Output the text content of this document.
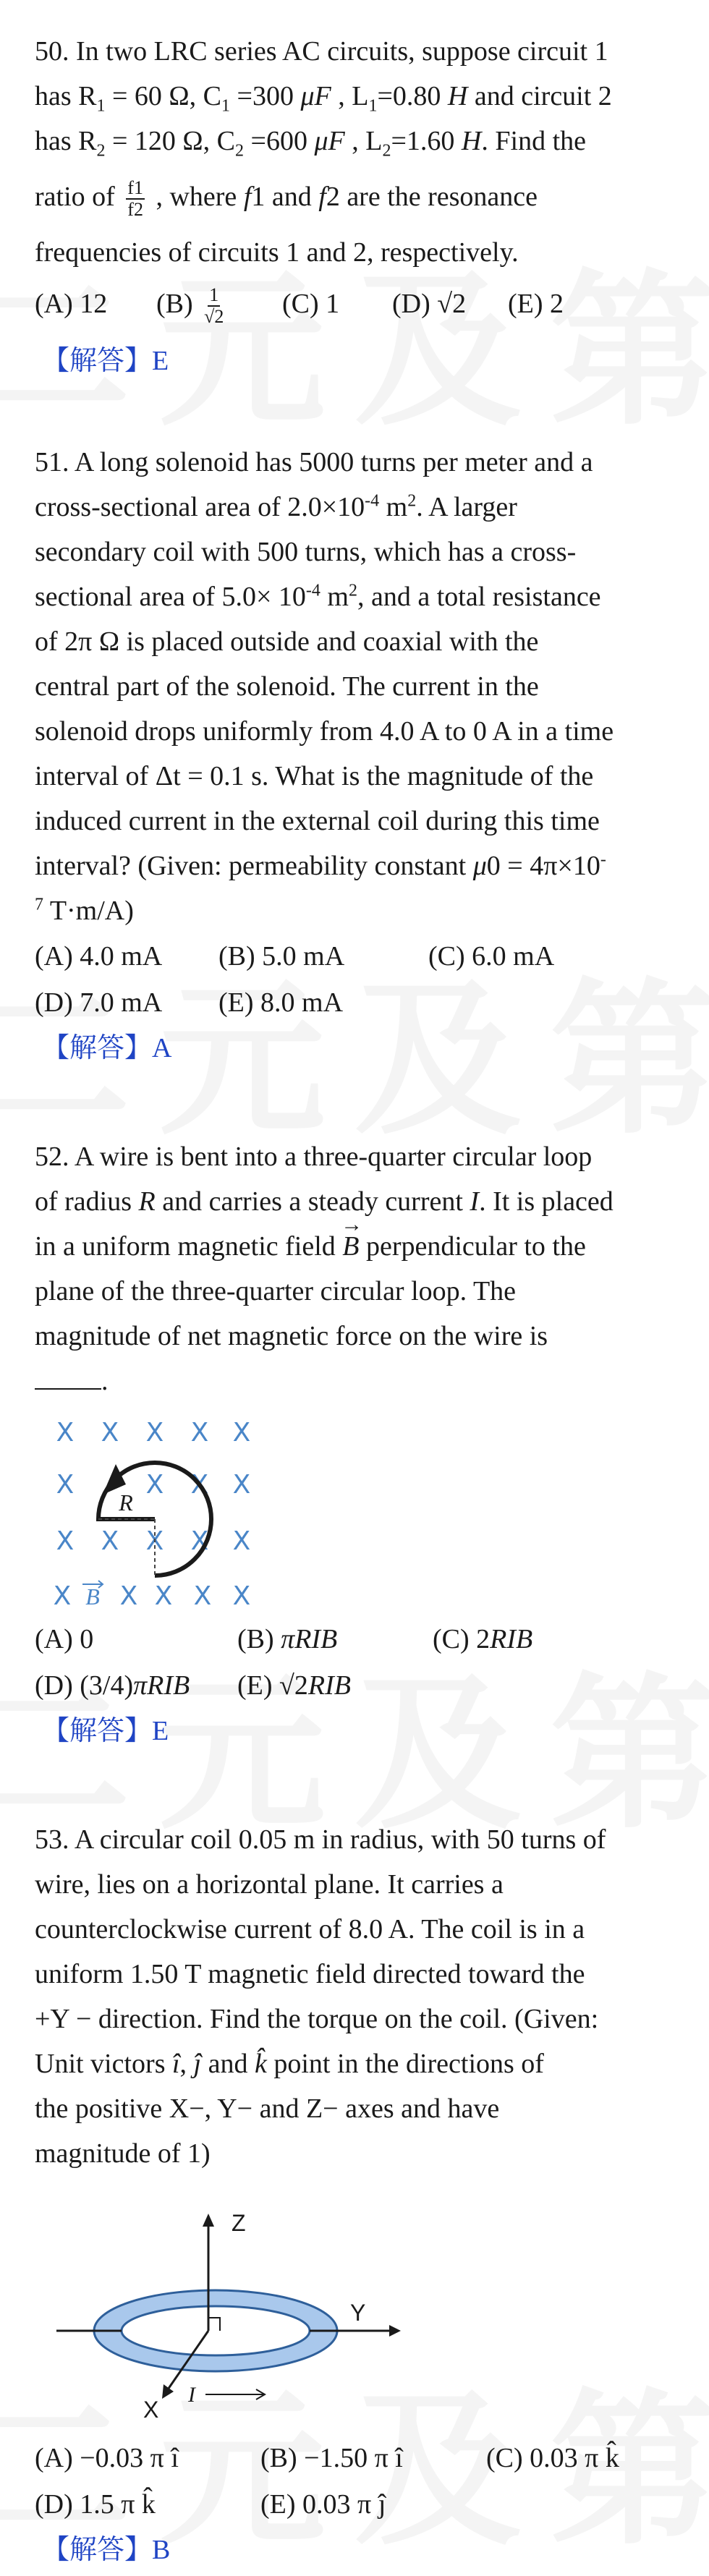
50. In two LRC series AC circuits, suppose circuit 1

has $R_1 = 60$ Ω, $C_1 =300$ μF , $L_1=0.80$ H and circuit 2

has $R_2 = 120$ Ω, $C_2 =600$ μF , $L_2=1.60$ H. Find the

ratio of $\frac{f1}{f2}$ , where f1 and f2 are the resonance

frequencies of circuits 1 and 2, respectively.

(A) 12	$(B) \frac{1}{√2} (C)$ 1	(D) √2	(E) 2

【解答】E

51. A long solenoid has 5000 turns per meter and a

cross-sectional area of $2.0\times 10^{-4}$ $m^2$. A larger

secondary coil with 500 turns, which has a cross-

sectional area of $5.0\times 10^{-4}$ $m^2$, and a total resistance

of 2π Ω is placed outside and coaxial with the

central part of the solenoid. The current in the

solenoid drops uniformly from 4.0 A to 0 A in a time

interval of Δt = 0.1 s. What is the magnitude of the

induced current in the external coil during this time

interval? (Given: permeability constant μ0 = 4π×10-

$^7$ T·m/A)

(A) 4.0 mA	(B) 5.0 mA	(C) 6.0 mA
(D) 7.0 mA	(E) 8.0 mA

【解答】A

52. A wire is bent into a three-quarter circular loop

of radius R and carries a steady current I. It is placed

in a uniform magnetic field
→
B perpendicular to the

plane of the three-quarter circular loop. The

magnitude of net magnetic force on the wire is

.

X X X X X
X	X X X
X X X X X
X X X X X
R
B
(A) 0	(B) πRIB	(C) 2RIB
(D) (3/4)πRIB	(E) √2RIB

【解答】E

53. A circular coil 0.05 m in radius, with 50 turns of

wire, lies on a horizontal plane. It carries a

counterclockwise current of 8.0 A. The coil is in a

uniform 1.50 T magnetic field directed toward the

+Y − direction. Find the torque on the coil. (Given:

Unit victors î, ĵ and k̂ point in the directions of

the positive X−, Y− and Z− axes and have

magnitude of 1)

Z
Y
X
I
(A) −0.03 π î	(B) −1.50 π î	(C) 0.03 π k̂
(D) 1.5 π k̂	(E) 0.03 π ĵ

【解答】B
